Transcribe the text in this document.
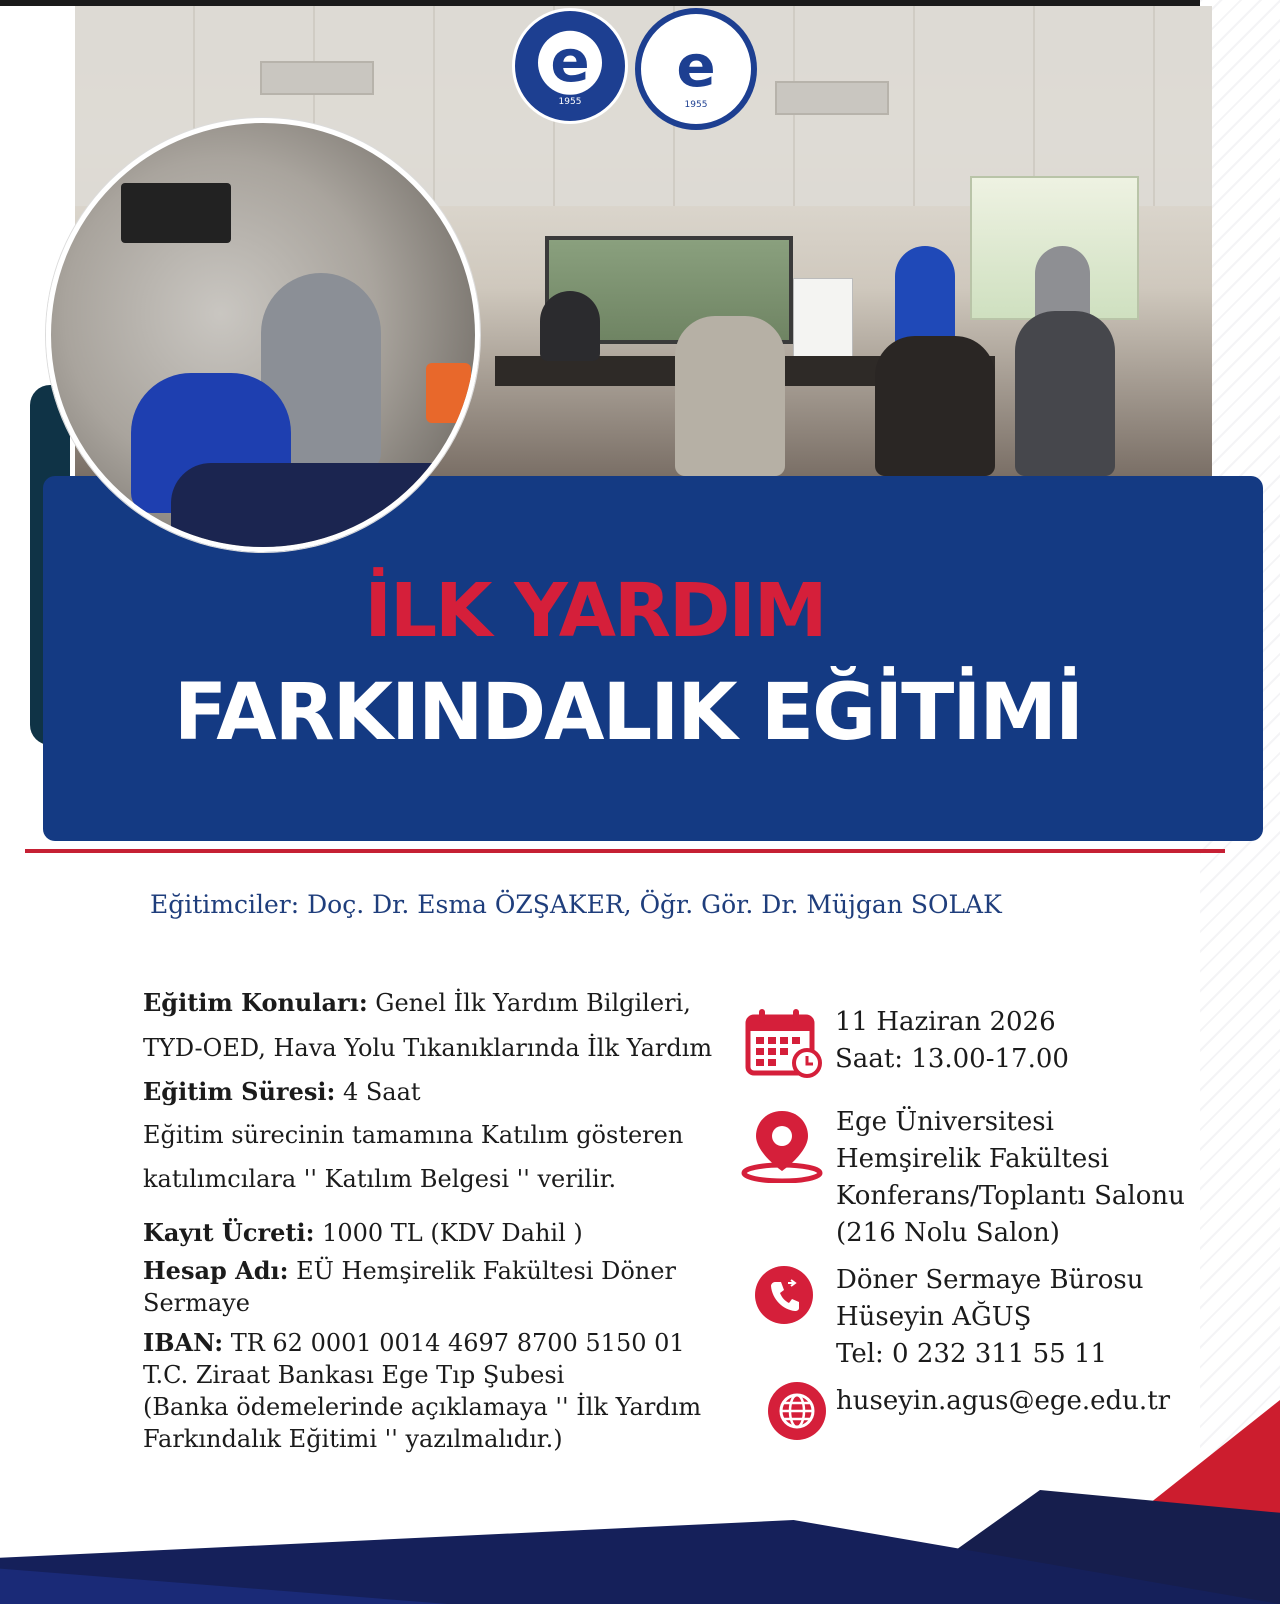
e
1955
e
1955
İLK YARDIM
FARKINDALIK EĞİTİMİ

Eğitimciler: Doç. Dr. Esma ÖZŞAKER, Öğr. Gör. Dr. Müjgan SOLAK

Eğitim Konuları: Genel İlk Yardım Bilgileri, TYD-OED, Hava Yolu Tıkanıklarında İlk Yardım

Eğitim Süresi: 4 Saat

Eğitim sürecinin tamamına Katılım gösteren katılımcılara '' Katılım Belgesi '' verilir.

Kayıt Ücreti: 1000 TL (KDV Dahil )

Hesap Adı: EÜ Hemşirelik Fakültesi Döner Sermaye

IBAN: TR 62 0001 0014 4697 8700 5150 01

T.C. Ziraat Bankası Ege Tıp Şubesi

(Banka ödemelerinde açıklamaya '' İlk Yardım Farkındalık Eğitimi '' yazılmalıdır.)

11 Haziran 2026

Saat: 13.00-17.00

Ege Üniversitesi

Hemşirelik Fakültesi

Konferans/Toplantı Salonu

(216 Nolu Salon)

Döner Sermaye Bürosu

Hüseyin AĞUŞ

Tel: 0 232 311 55 11

huseyin.agus@ege.edu.tr
